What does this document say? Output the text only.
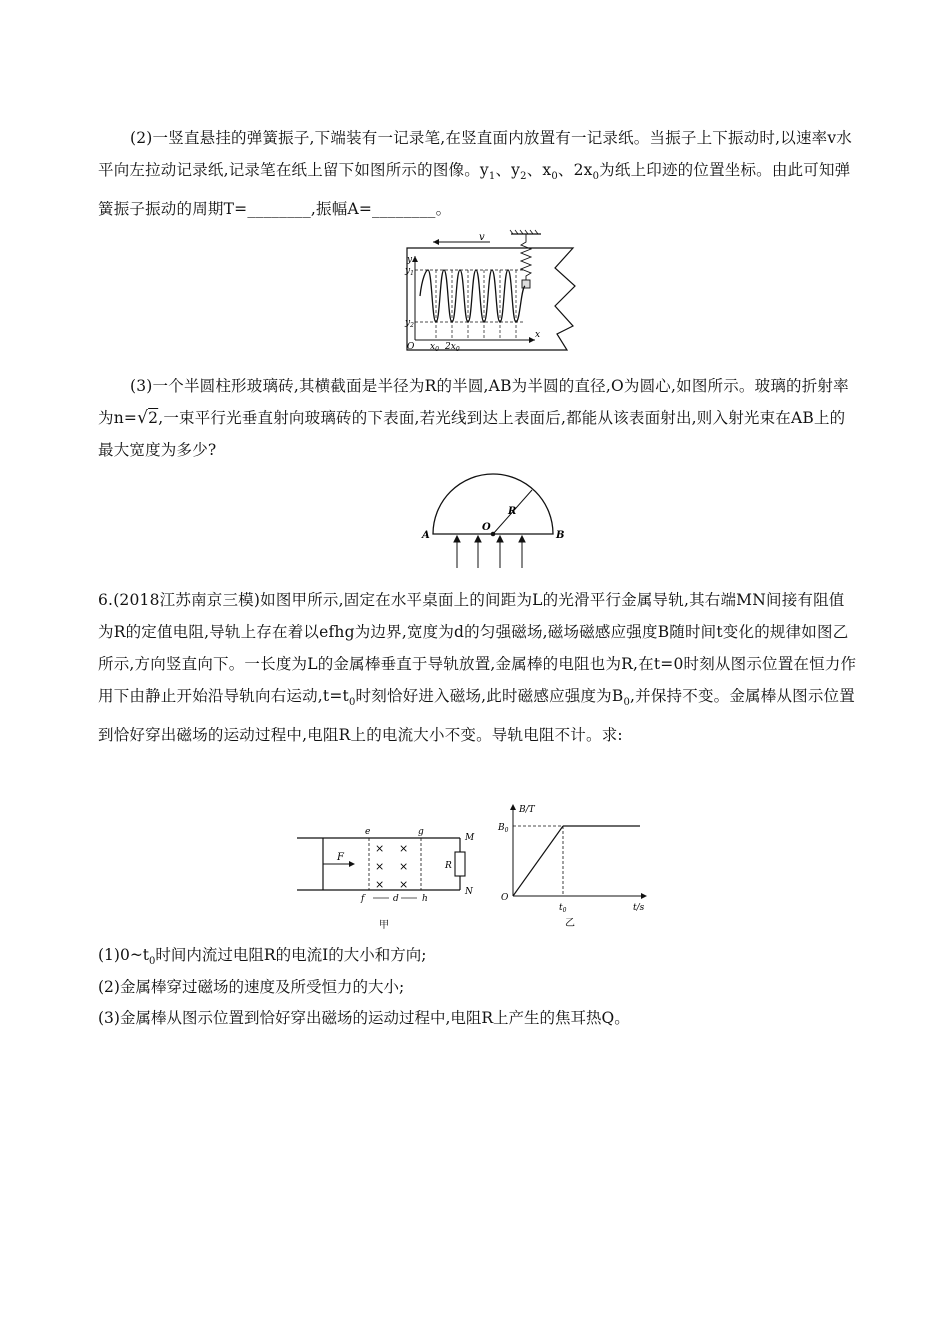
(2)一竖直悬挂的弹簧振子,下端装有一记录笔,在竖直面内放置有一记录纸。当振子上下振动时,以速率v水平向左拉动记录纸,记录笔在纸上留下如图所示的图像。$y_1$、$y_2$、$x_0$、$2x_0$为纸上印迹的位置坐标。由此可知弹簧振子振动的周期T=________,振幅A=________。
v
y
$y_1$
$y_2$
O $x_0$ $2x_0$
x
(3)一个半圆柱形玻璃砖,其横截面是半径为R的半圆,AB为半圆的直径,O为圆心,如图所示。玻璃的折射率为n=√2,一束平行光垂直射向玻璃砖的下表面,若光线到达上表面后,都能从该表面射出,则入射光束在AB上的最大宽度为多少?
A	B
O
R
6.(2018江苏南京三模)如图甲所示,固定在水平桌面上的间距为L的光滑平行金属导轨,其右端MN间接有阻值为R的定值电阻,导轨上存在着以efhg为边界,宽度为d的匀强磁场,磁场磁感应强度B随时间t变化的规律如图乙所示,方向竖直向下。一长度为L的金属棒垂直于导轨放置,金属棒的电阻也为R,在t=0时刻从图示位置在恒力作用下由静止开始沿导轨向右运动$,t=t_0$时刻恰好进入磁场,此时磁感应强度为$B_0$,并保持不变。金属棒从图示位置到恰好穿出磁场的运动过程中,电阻R上的电流大小不变。导轨电阻不计。求:
× ×
× ×
× ×
e	g
M
N
F
R
f	d	h
甲
B/T
$B_0$
O
$t_0$	t/s
乙
$(1)0\sim t_0$时间内流过电阻R的电流I的大小和方向;
(2)金属棒穿过磁场的速度及所受恒力的大小;
(3)金属棒从图示位置到恰好穿出磁场的运动过程中,电阻R上产生的焦耳热Q。
